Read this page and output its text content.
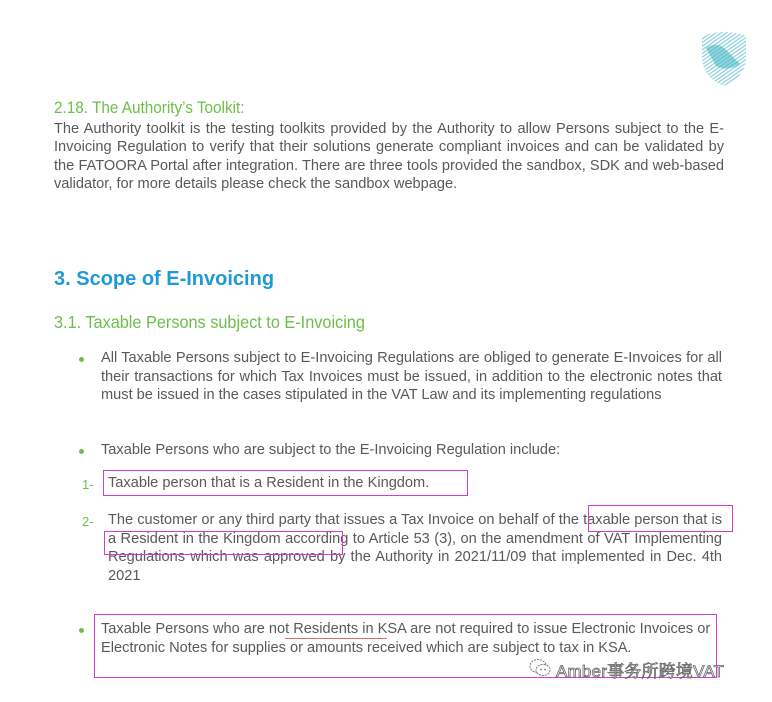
2.18. The Authority’s Toolkit:
The Authority toolkit is the testing toolkits provided by the Authority to allow Persons subject to the E-Invoicing Regulation to verify that their solutions generate compliant invoices and can be validated by the FATOORA Portal after integration. There are three tools provided the sandbox, SDK and web-based validator, for more details please check the sandbox webpage.
3. Scope of E-Invoicing
3.1. Taxable Persons subject to E-Invoicing
All Taxable Persons subject to E-Invoicing Regulations are obliged to generate E-Invoices for all their transactions for which Tax Invoices must be issued, in addition to the electronic notes that must be issued in the cases stipulated in the VAT Law and its implementing regulations
Taxable Persons who are subject to the E-Invoicing Regulation include:
1- Taxable person that is a Resident in the Kingdom.
2- The customer or any third party that issues a Tax Invoice on behalf of the taxable person that is a Resident in the Kingdom according to Article 53 (3), on the amendment of VAT Implementing Regulations which was approved by the Authority in 2021/11/09 that implemented in Dec. 4th 2021
Taxable Persons who are not Residents in KSA are not required to issue Electronic Invoices or Electronic Notes for supplies or amounts received which are subject to tax in KSA.
Amber事务所跨境VAT
